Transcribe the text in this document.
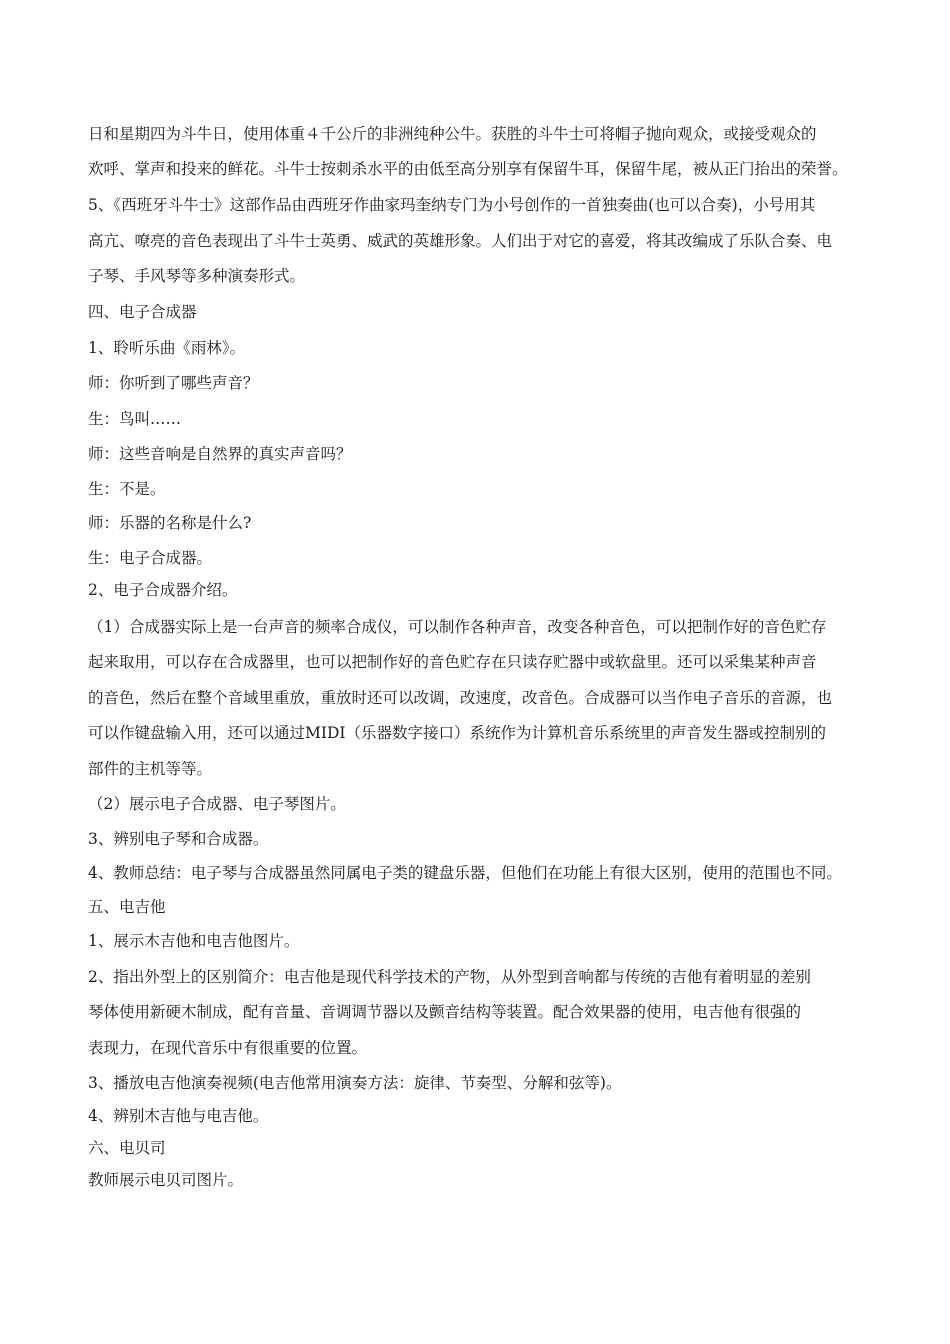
日和星期四为斗牛日，使用体重４千公斤的非洲纯种公牛。获胜的斗牛士可将帽子抛向观众，或接受观众的
欢呼、掌声和投来的鲜花。斗牛士按刺杀水平的由低至高分别享有保留牛耳，保留牛尾，被从正门抬出的荣誉。
5、《西班牙斗牛士》这部作品由西班牙作曲家玛奎纳专门为小号创作的一首独奏曲(也可以合奏)，小号用其
高亢、嘹亮的音色表现出了斗牛士英勇、威武的英雄形象。人们出于对它的喜爱，将其改编成了乐队合奏、电
子琴、手风琴等多种演奏形式。
四、电子合成器
1、聆听乐曲《雨林》。
师：你听到了哪些声音？
生：鸟叫……
师：这些音响是自然界的真实声音吗？
生：不是。
师：乐器的名称是什么?
生：电子合成器。
2、电子合成器介绍。
（1）合成器实际上是一台声音的频率合成仪，可以制作各种声音，改变各种音色，可以把制作好的音色贮存
起来取用，可以存在合成器里，也可以把制作好的音色贮存在只读存贮器中或软盘里。还可以采集某种声音
的音色，然后在整个音域里重放，重放时还可以改调，改速度，改音色。合成器可以当作电子音乐的音源，也
可以作键盘输入用，还可以通过MIDI（乐器数字接口）系统作为计算机音乐系统里的声音发生器或控制别的
部件的主机等等。
（2）展示电子合成器、电子琴图片。
3、辨别电子琴和合成器。
4、教师总结：电子琴与合成器虽然同属电子类的键盘乐器，但他们在功能上有很大区别，使用的范围也不同。
五、电吉他
1、展示木吉他和电吉他图片。
2、指出外型上的区别简介：电吉他是现代科学技术的产物，从外型到音响都与传统的吉他有着明显的差别
琴体使用新硬木制成，配有音量、音调调节器以及颤音结构等装置。配合效果器的使用，电吉他有很强的
表现力，在现代音乐中有很重要的位置。
3、播放电吉他演奏视频(电吉他常用演奏方法：旋律、节奏型、分解和弦等)。
4、辨别木吉他与电吉他。
六、电贝司
教师展示电贝司图片。
